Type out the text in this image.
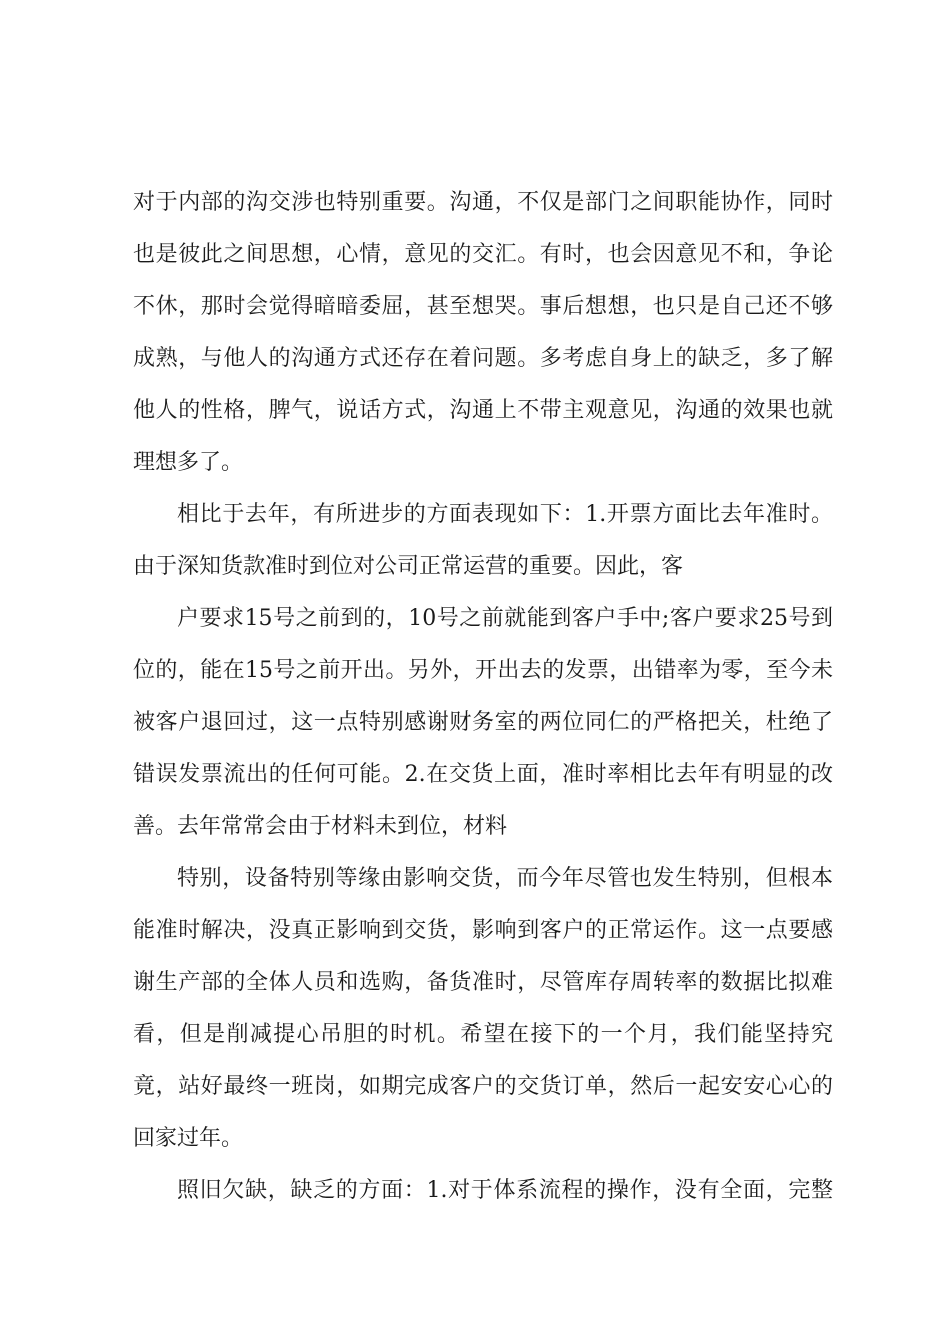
对于内部的沟交涉也特别重要。沟通，不仅是部门之间职能协作，同时
也是彼此之间思想，心情，意见的交汇。有时，也会因意见不和，争论
不休，那时会觉得暗暗委屈，甚至想哭。事后想想，也只是自己还不够
成熟，与他人的沟通方式还存在着问题。多考虑自身上的缺乏，多了解
他人的性格，脾气，说话方式，沟通上不带主观意见，沟通的效果也就
理想多了。
相比于去年，有所进步的方面表现如下：1.开票方面比去年准时。
由于深知货款准时到位对公司正常运营的重要。因此，客
户要求15号之前到的，10号之前就能到客户手中;客户要求25号到
位的，能在15号之前开出。另外，开出去的发票，出错率为零，至今未
被客户退回过，这一点特别感谢财务室的两位同仁的严格把关，杜绝了
错误发票流出的任何可能。2.在交货上面，准时率相比去年有明显的改
善。去年常常会由于材料未到位，材料
特别，设备特别等缘由影响交货，而今年尽管也发生特别，但根本
能准时解决，没真正影响到交货，影响到客户的正常运作。这一点要感
谢生产部的全体人员和选购，备货准时，尽管库存周转率的数据比拟难
看，但是削减提心吊胆的时机。希望在接下的一个月，我们能坚持究
竟，站好最终一班岗，如期完成客户的交货订单，然后一起安安心心的
回家过年。
照旧欠缺，缺乏的方面：1.对于体系流程的操作，没有全面，完整
